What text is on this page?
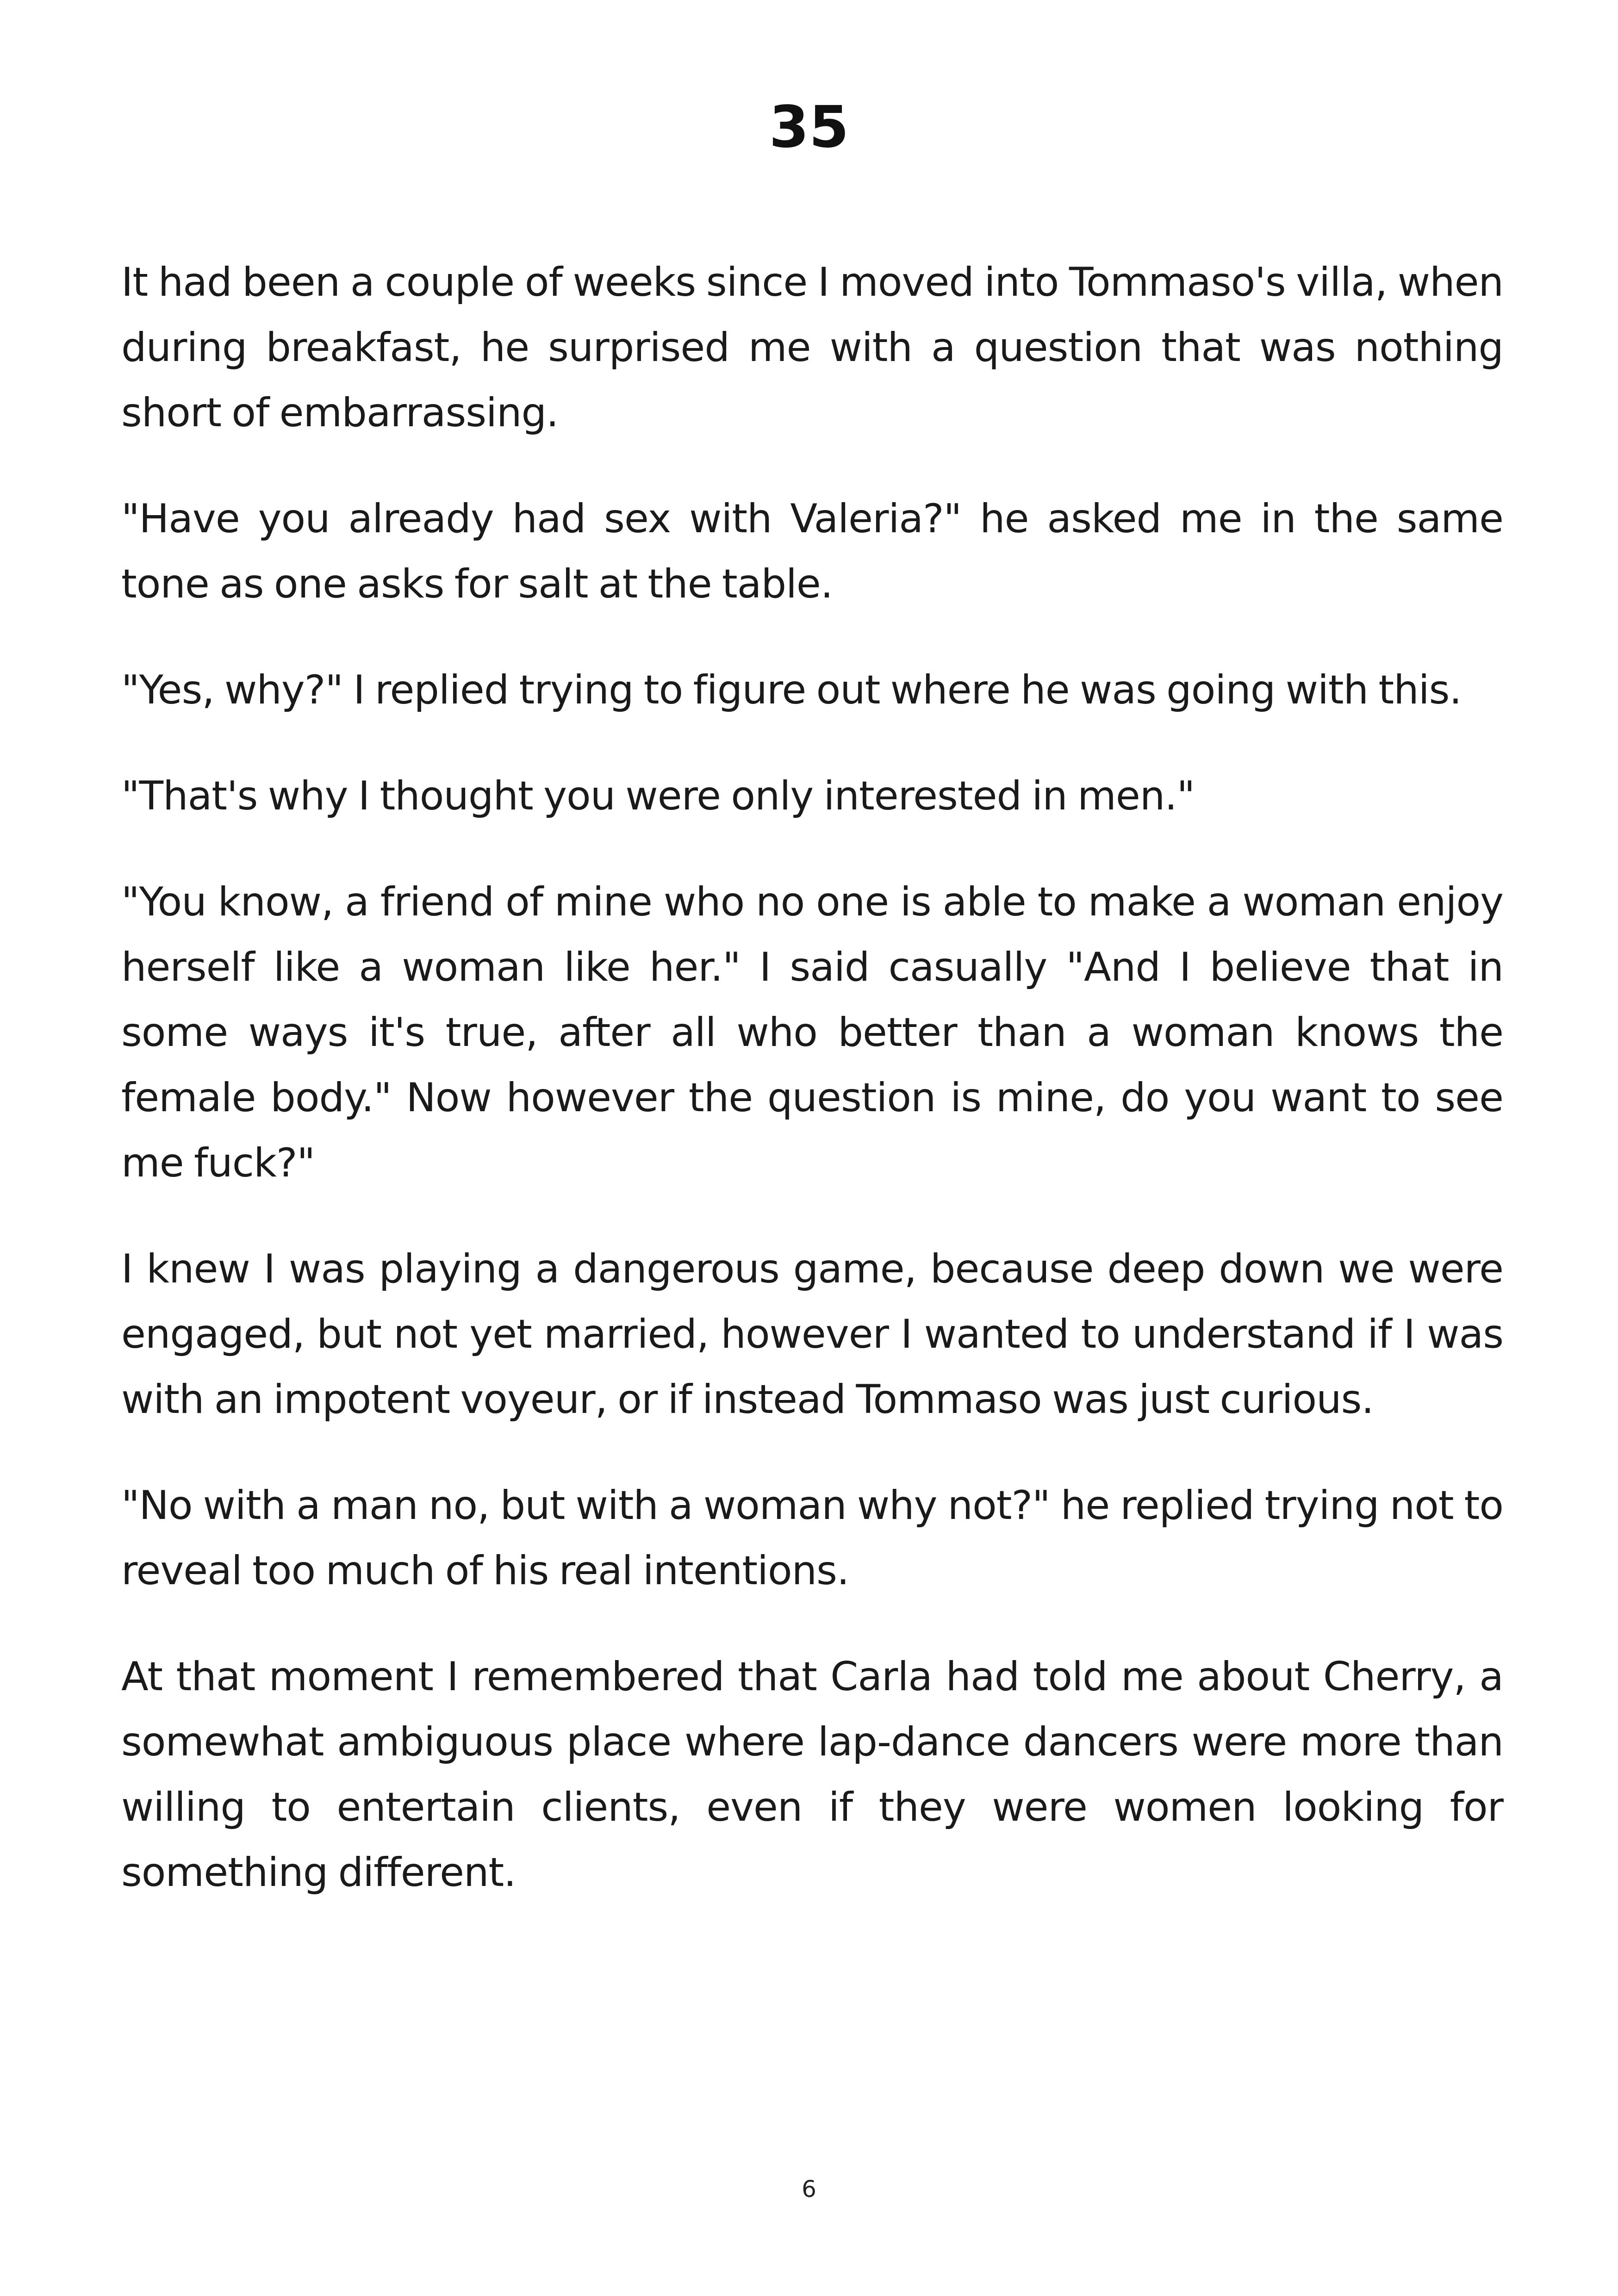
35

It had been a couple of weeks since I moved into Tommaso's villa, when during breakfast, he surprised me with a question that was nothing short of embarrassing.

"Have you already had sex with Valeria?" he asked me in the same tone as one asks for salt at the table.

"Yes, why?" I replied trying to figure out where he was going with this.

"That's why I thought you were only interested in men."

"You know, a friend of mine who no one is able to make a woman enjoy herself like a woman like her." I said casually "And I believe that in some ways it's true, after all who better than a woman knows the female body." Now however the question is mine, do you want to see me fuck?"

I knew I was playing a dangerous game, because deep down we were engaged, but not yet married, however I wanted to understand if I was with an impotent voyeur, or if instead Tommaso was just curious.

"No with a man no, but with a woman why not?" he replied trying not to reveal too much of his real intentions.

At that moment I remembered that Carla had told me about Cherry, a somewhat ambiguous place where lap-dance dancers were more than willing to entertain clients, even if they were women looking for something different.

6
